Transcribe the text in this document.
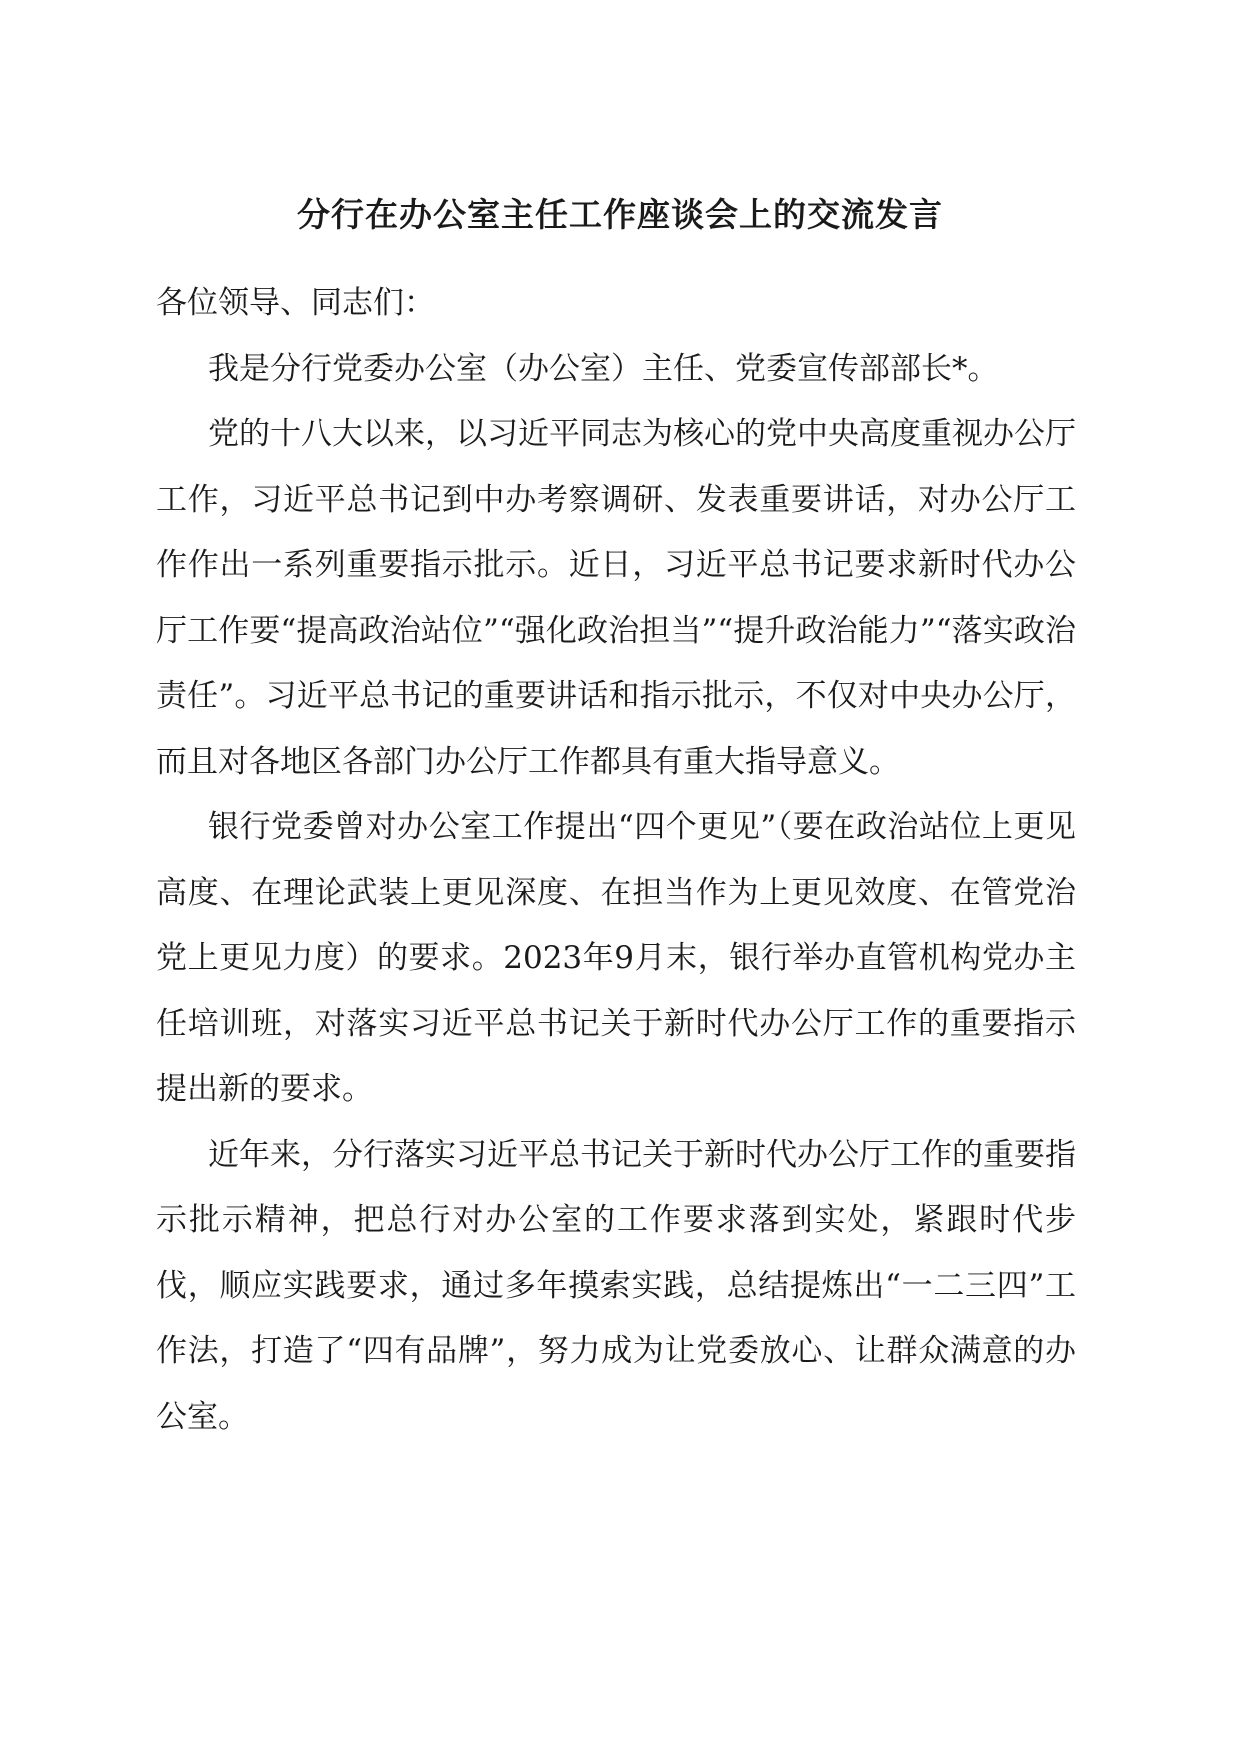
分行在办公室主任工作座谈会上的交流发言

各位领导、同志们：

我是分行党委办公室（办公室）主任、党委宣传部部长*。

党的十八大以来，以习近平同志为核心的党中央高度重视办公厅工作，习近平总书记到中办考察调研、发表重要讲话，对办公厅工作作出一系列重要指示批示。近日，习近平总书记要求新时代办公厅工作要“提高政治站位”“强化政治担当”“提升政治能力”“落实政治责任”。习近平总书记的重要讲话和指示批示，不仅对中央办公厅，而且对各地区各部门办公厅工作都具有重大指导意义。

银行党委曾对办公室工作提出“四个更见”（要在政治站位上更见高度、在理论武装上更见深度、在担当作为上更见效度、在管党治党上更见力度）的要求。2023年9月末，银行举办直管机构党办主任培训班，对落实习近平总书记关于新时代办公厅工作的重要指示提出新的要求。

近年来，分行落实习近平总书记关于新时代办公厅工作的重要指示批示精神，把总行对办公室的工作要求落到实处，紧跟时代步伐，顺应实践要求，通过多年摸索实践，总结提炼出“一二三四”工作法，打造了“四有品牌”，努力成为让党委放心、让群众满意的办公室。
